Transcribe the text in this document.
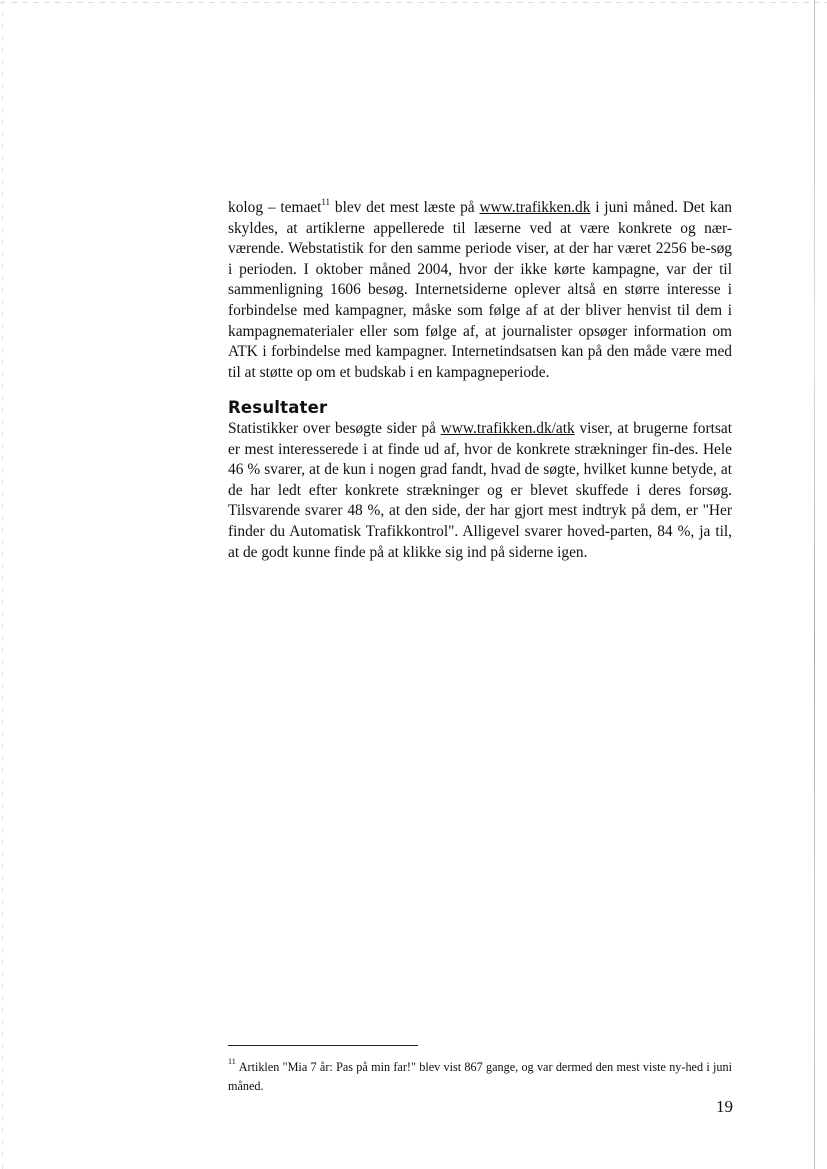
kolog – temaet$^{11}$ blev det mest læste på www.trafikken.dk i juni måned. Det kan skyldes, at artiklerne appellerede til læserne ved at være konkrete og nær-værende. Webstatistik for den samme periode viser, at der har været 2256 be-søg i perioden. I oktober måned 2004, hvor der ikke kørte kampagne, var der til sammenligning 1606 besøg. Internetsiderne oplever altså en større interesse i forbindelse med kampagner, måske som følge af at der bliver henvist til dem i kampagnematerialer eller som følge af, at journalister opsøger information om ATK i forbindelse med kampagner. Internetindsatsen kan på den måde være med til at støtte op om et budskab i en kampagneperiode.

Resultater

Statistikker over besøgte sider på www.trafikken.dk/atk viser, at brugerne fortsat er mest interesserede i at finde ud af, hvor de konkrete strækninger fin-des. Hele 46 % svarer, at de kun i nogen grad fandt, hvad de søgte, hvilket kunne betyde, at de har ledt efter konkrete strækninger og er blevet skuffede i deres forsøg. Tilsvarende svarer 48 %, at den side, der har gjort mest indtryk på dem, er "Her finder du Automatisk Trafikkontrol". Alligevel svarer hoved-parten, 84 %, ja til, at de godt kunne finde på at klikke sig ind på siderne igen.

$^{11}$ Artiklen "Mia 7 år: Pas på min far!" blev vist 867 gange, og var dermed den mest viste ny-hed i juni måned.
19
